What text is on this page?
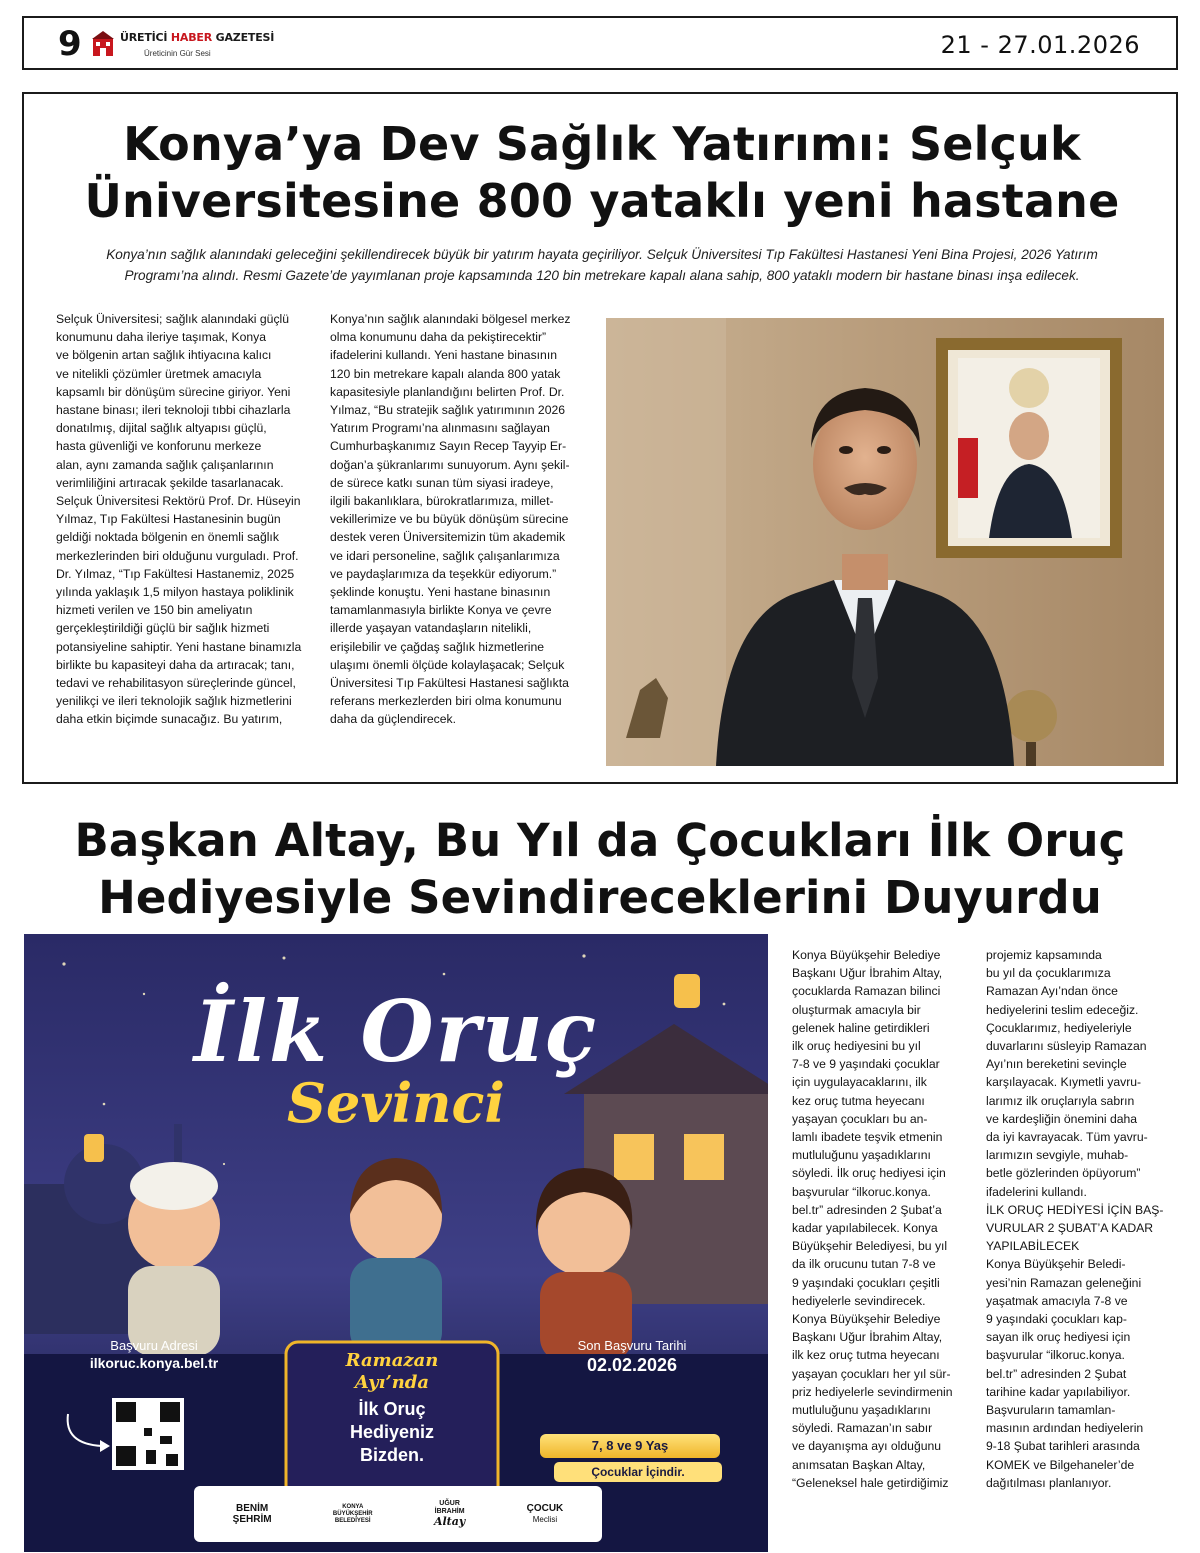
9	ÜRETİCİ HABER GAZETESİ
Üreticinin Gür Sesi	21 - 27.01.2026
Konya’ya Dev Sağlık Yatırımı: Selçuk
Üniversitesine 800 yataklı yeni hastane
Konya’nın sağlık alanındaki geleceğini şekillendirecek büyük bir yatırım hayata geçiriliyor. Selçuk Üniversitesi Tıp Fakültesi Hastanesi Yeni Bina Projesi, 2026 Yatırım
Programı’na alındı. Resmi Gazete’de yayımlanan proje kapsamında 120 bin metrekare kapalı alana sahip, 800 yataklı modern bir hastane binası inşa edilecek.

Selçuk Üniversitesi; sağlık alanındaki güçlü

konumunu daha ileriye taşımak, Konya

ve bölgenin artan sağlık ihtiyacına kalıcı

ve nitelikli çözümler üretmek amacıyla

kapsamlı bir dönüşüm sürecine giriyor. Yeni

hastane binası; ileri teknoloji tıbbi cihazlarla

donatılmış, dijital sağlık altyapısı güçlü,

hasta güvenliği ve konforunu merkeze

alan, aynı zamanda sağlık çalışanlarının

verimliliğini artıracak şekilde tasarlanacak.

Selçuk Üniversitesi Rektörü Prof. Dr. Hüseyin

Yılmaz, Tıp Fakültesi Hastanesinin bugün

geldiği noktada bölgenin en önemli sağlık

merkezlerinden biri olduğunu vurguladı. Prof.

Dr. Yılmaz, “Tıp Fakültesi Hastanemiz, 2025

yılında yaklaşık 1,5 milyon hastaya poliklinik

hizmeti verilen ve 150 bin ameliyatın

gerçekleştirildiği güçlü bir sağlık hizmeti

potansiyeline sahiptir. Yeni hastane binamızla

birlikte bu kapasiteyi daha da artıracak; tanı,

tedavi ve rehabilitasyon süreçlerinde güncel,

yenilikçi ve ileri teknolojik sağlık hizmetlerini

daha etkin biçimde sunacağız. Bu yatırım,

Konya’nın sağlık alanındaki bölgesel merkez

olma konumunu daha da pekiştirecektir”

ifadelerini kullandı. Yeni hastane binasının

120 bin metrekare kapalı alanda 800 yatak

kapasitesiyle planlandığını belirten Prof. Dr.

Yılmaz, “Bu stratejik sağlık yatırımının 2026

Yatırım Programı’na alınmasını sağlayan

Cumhurbaşkanımız Sayın Recep Tayyip Er-

doğan’a şükranlarımı sunuyorum. Aynı şekil-

de sürece katkı sunan tüm siyasi iradeye,

ilgili bakanlıklara, bürokratlarımıza, millet-

vekillerimize ve bu büyük dönüşüm sürecine

destek veren Üniversitemizin tüm akademik

ve idari personeline, sağlık çalışanlarımıza

ve paydaşlarımıza da teşekkür ediyorum.”

şeklinde konuştu. Yeni hastane binasının

tamamlanmasıyla birlikte Konya ve çevre

illerde yaşayan vatandaşların nitelikli,

erişilebilir ve çağdaş sağlık hizmetlerine

ulaşımı önemli ölçüde kolaylaşacak; Selçuk

Üniversitesi Tıp Fakültesi Hastanesi sağlıkta

referans merkezlerden biri olma konumunu

daha da güçlendirecek.

Başkan Altay, Bu Yıl da Çocukları İlk Oruç
Hediyesiyle Sevindireceklerini Duyurdu
İlk Oruç
Sevinci
Başvuru Adresi
ilkoruc.konya.bel.tr	Ramazan
Ayı’nda
İlk Oruç
Hediyeniz
Bizden.
Son Başvuru Tarihi
02.02.2026
7, 8 ve 9 Yaş
Çocuklar İçindir.
BENİM
ŞEHRİM
KONYA
BÜYÜKŞEHİR
BELEDİYESİ
UĞUR
İBRAHİM
Altay
ÇOCUK
Meclisi

Konya Büyükşehir Belediye

Başkanı Uğur İbrahim Altay,

çocuklarda Ramazan bilinci

oluşturmak amacıyla bir

gelenek haline getirdikleri

ilk oruç hediyesini bu yıl

7-8 ve 9 yaşındaki çocuklar

için uygulayacaklarını, ilk

kez oruç tutma heyecanı

yaşayan çocukları bu an-

lamlı ibadete teşvik etmenin

mutluluğunu yaşadıklarını

söyledi. İlk oruç hediyesi için

başvurular “ilkoruc.konya.

bel.tr” adresinden 2 Şubat’a

kadar yapılabilecek. Konya

Büyükşehir Belediyesi, bu yıl

da ilk orucunu tutan 7-8 ve

9 yaşındaki çocukları çeşitli

hediyelerle sevindirecek.

Konya Büyükşehir Belediye

Başkanı Uğur İbrahim Altay,

ilk kez oruç tutma heyecanı

yaşayan çocukları her yıl sür-

priz hediyelerle sevindirmenin

mutluluğunu yaşadıklarını

söyledi. Ramazan’ın sabır

ve dayanışma ayı olduğunu

anımsatan Başkan Altay,

“Geleneksel hale getirdiğimiz

projemiz kapsamında

bu yıl da çocuklarımıza

Ramazan Ayı’ndan önce

hediyelerini teslim edeceğiz.

Çocuklarımız, hediyeleriyle

duvarlarını süsleyip Ramazan

Ayı’nın bereketini sevinçle

karşılayacak. Kıymetli yavru-

larımız ilk oruçlarıyla sabrın

ve kardeşliğin önemini daha

da iyi kavrayacak. Tüm yavru-

larımızın sevgiyle, muhab-

betle gözlerinden öpüyorum”

ifadelerini kullandı.

İLK ORUÇ HEDİYESİ İÇİN BAŞ-

VURULAR 2 ŞUBAT’A KADAR

YAPILABİLECEK

Konya Büyükşehir Beledi-

yesi’nin Ramazan geleneğini

yaşatmak amacıyla 7-8 ve

9 yaşındaki çocukları kap-

sayan ilk oruç hediyesi için

başvurular “ilkoruc.konya.

bel.tr” adresinden 2 Şubat

tarihine kadar yapılabiliyor.

Başvuruların tamamlan-

masının ardından hediyelerin

9-18 Şubat tarihleri arasında

KOMEK ve Bilgehaneler’de

dağıtılması planlanıyor.
